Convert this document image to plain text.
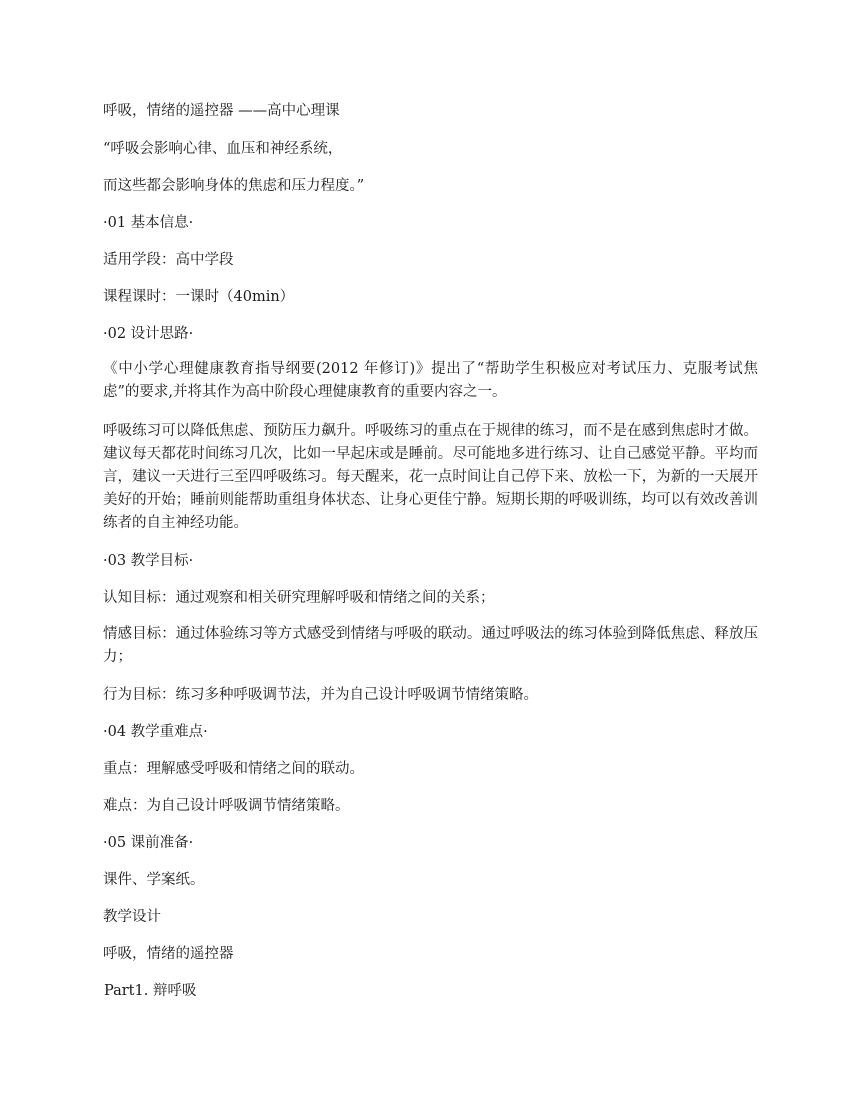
呼吸，情绪的遥控器 ——高中心理课
“呼吸会影响心律、血压和神经系统，
而这些都会影响身体的焦虑和压力程度。”
·01 基本信息·
适用学段：高中学段
课程课时：一课时（40min）
·02 设计思路·
《中小学心理健康教育指导纲要(2012 年修订)》提出了“帮助学生积极应对考试压力、克服考试焦虑”的要求,并将其作为高中阶段心理健康教育的重要内容之一。
呼吸练习可以降低焦虑、预防压力飙升。呼吸练习的重点在于规律的练习，而不是在感到焦虑时才做。建议每天都花时间练习几次，比如一早起床或是睡前。尽可能地多进行练习、让自己感觉平静。平均而言，建议一天进行三至四呼吸练习。每天醒来，花一点时间让自己停下来、放松一下，为新的一天展开美好的开始；睡前则能帮助重组身体状态、让身心更佳宁静。短期长期的呼吸训练，均可以有效改善训练者的自主神经功能。
·03 教学目标·
认知目标：通过观察和相关研究理解呼吸和情绪之间的关系；
情感目标：通过体验练习等方式感受到情绪与呼吸的联动。通过呼吸法的练习体验到降低焦虑、释放压力；
行为目标：练习多种呼吸调节法，并为自己设计呼吸调节情绪策略。
·04 教学重难点·
重点：理解感受呼吸和情绪之间的联动。
难点：为自己设计呼吸调节情绪策略。
·05 课前准备·
课件、学案纸。
教学设计
呼吸，情绪的遥控器
Part1. 辩呼吸
